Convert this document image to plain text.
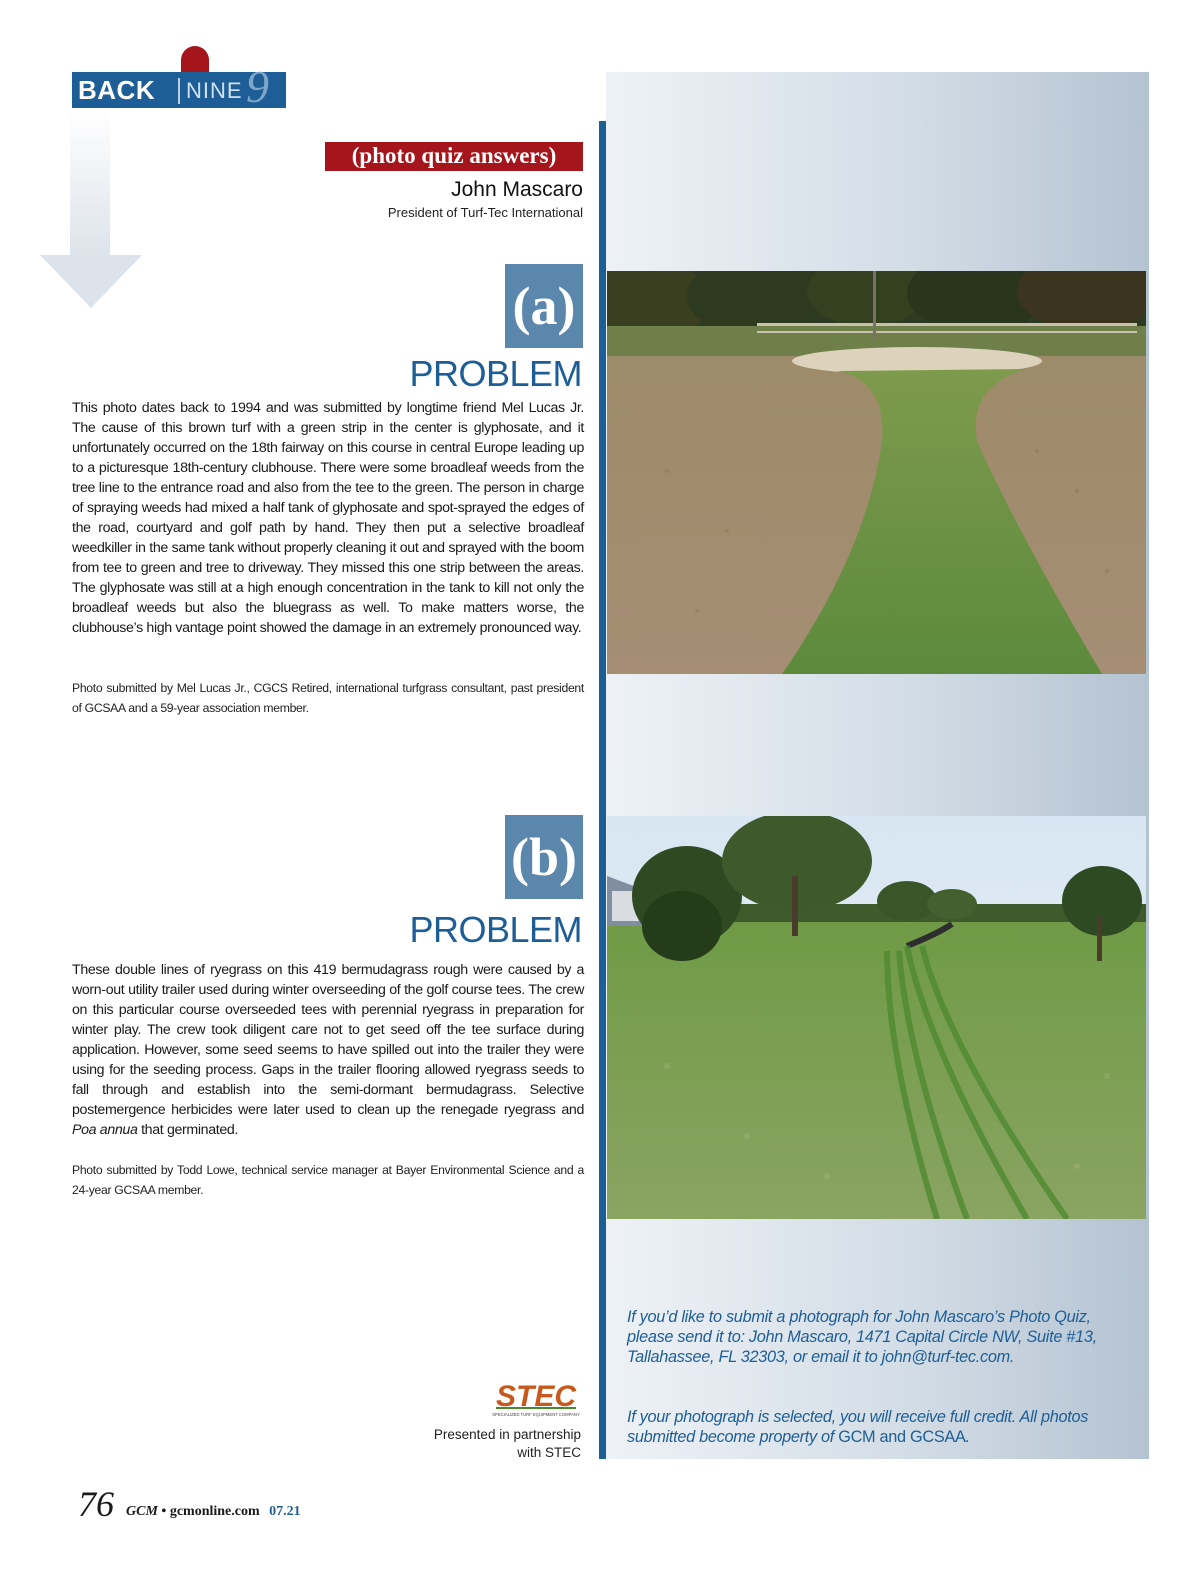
BACK NINE 9
(photo quiz answers)
John Mascaro
President of Turf-Tec International
(a)
PROBLEM
This photo dates back to 1994 and was submitted by longtime friend Mel Lucas Jr. The cause of this brown turf with a green strip in the center is glyphosate, and it unfortunately occurred on the 18th fairway on this course in central Europe leading up to a picturesque 18th-century clubhouse. There were some broadleaf weeds from the tree line to the entrance road and also from the tee to the green. The person in charge of spraying weeds had mixed a half tank of glyphosate and spot-sprayed the edges of the road, courtyard and golf path by hand. They then put a selective broadleaf weedkiller in the same tank without properly cleaning it out and sprayed with the boom from tee to green and tree to driveway. They missed this one strip between the areas. The glyphosate was still at a high enough concentration in the tank to kill not only the broadleaf weeds but also the bluegrass as well. To make matters worse, the clubhouse’s high vantage point showed the damage in an extremely pronounced way.
Photo submitted by Mel Lucas Jr., CGCS Retired, international turfgrass consultant, past president of GCSAA and a 59-year association member.
(b)
PROBLEM
These double lines of ryegrass on this 419 bermudagrass rough were caused by a worn-out utility trailer used during winter overseeding of the golf course tees. The crew on this particular course overseeded tees with perennial ryegrass in preparation for winter play. The crew took diligent care not to get seed off the tee surface during application. However, some seed seems to have spilled out into the trailer they were using for the seeding process. Gaps in the trailer flooring allowed ryegrass seeds to fall through and establish into the semi-dormant bermudagrass. Selective postemergence herbicides were later used to clean up the renegade ryegrass and Poa annua that germinated.
Photo submitted by Todd Lowe, technical service manager at Bayer Environmental Science and a 24-year GCSAA member.
If you’d like to submit a photograph for John Mascaro’s Photo Quiz, please send it to: John Mascaro, 1471 Capital Circle NW, Suite #13, Tallahassee, FL 32303, or email it to john@turf-tec.com.
If your photograph is selected, you will receive full credit. All photos submitted become property of GCM and GCSAA.
STEC
SPECIALIZED TURF EQUIPMENT COMPANY
Presented in partnership
with STEC
76 GCM • gcmonline.com 07.21
